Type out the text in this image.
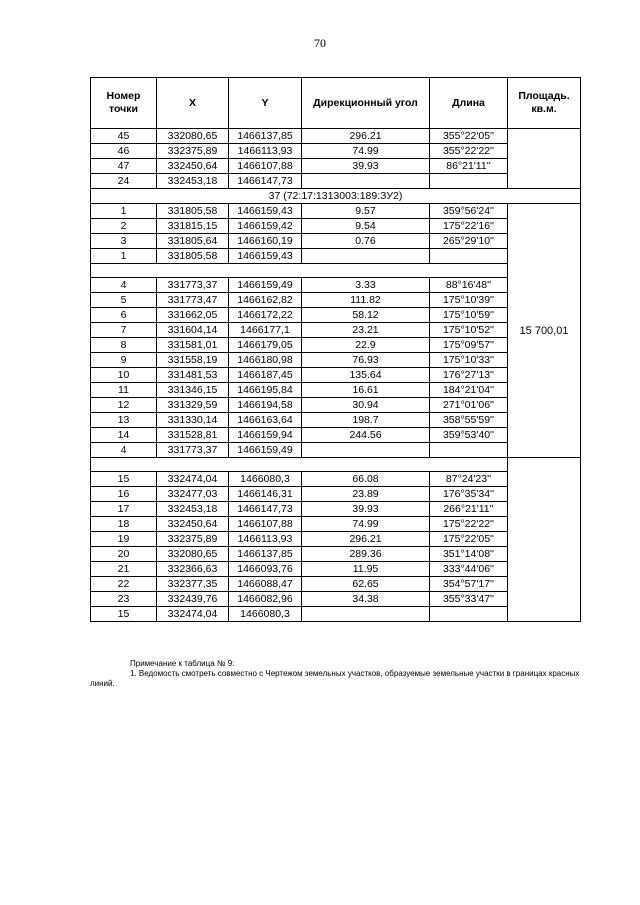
70
Номер точки	X	Y	Дирекционный угол	Длина	Площадь. кв.м.
45	332080,65	1466137,85	296.21	355°22'05''	
46	332375,89	1466113,93	74.99	355°22'22''	
47	332450,64	1466107,88	39.93	86°21'11''	
24	332453,18	1466147,73			
37 (72:17:1313003:189:ЗУ2)					
1	331805,58	1466159,43	9.57	359°56'24''	15 700,01
2	331815,15	1466159,42	9.54	175°22'16''	
3	331805,64	1466160,19	0.76	265°29'10''	
1	331805,58	1466159,43			

4	331773,37	1466159,49	3.33	88°16'48''	
5	331773,47	1466162,82	111.82	175°10'39''	
6	331662,05	1466172,22	58.12	175°10'59''	
7	331604,14	1466177,1	23.21	175°10'52''	
8	331581,01	1466179,05	22.9	175°09'57''	
9	331558,19	1466180,98	76.93	175°10'33''	
10	331481,53	1466187,45	135.64	176°27'13''	
11	331346,15	1466195,84	16.61	184°21'04''	
12	331329,59	1466194,58	30.94	271°01'06''	
13	331330,14	1466163,64	198.7	358°55'59''	
14	331528,81	1466159,94	244.56	359°53'40''	
4	331773,37	1466159,49			

15	332474,04	1466080,3	66.08	87°24'23''	
16	332477,03	1466146,31	23.89	176°35'34''	
17	332453,18	1466147,73	39.93	266°21'11''	
18	332450,64	1466107,88	74.99	175°22'22''	
19	332375,89	1466113,93	296.21	175°22'05''	
20	332080,65	1466137,85	289.36	351°14'08''	
21	332366,63	1466093,76	11.95	333°44'06''	
22	332377,35	1466088,47	62.65	354°57'17''	
23	332439,76	1466082,96	34.38	355°33'47''	
15	332474,04	1466080,3			
Примечание к таблица № 9:
1. Ведомость смотреть совместно с Чертежом земельных участков, образуемые земельные участки в границах красных линий.
